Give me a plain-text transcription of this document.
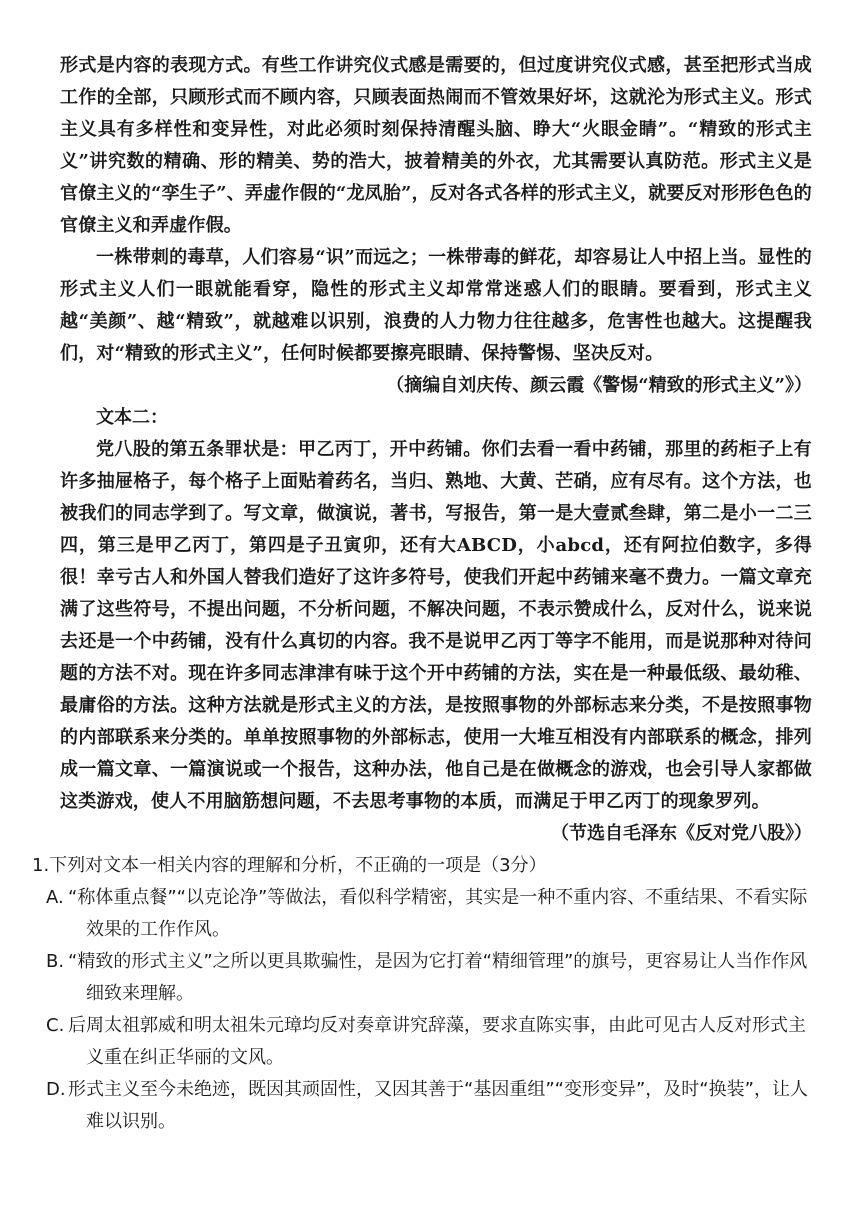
形式是内容的表现方式。有些工作讲究仪式感是需要的，但过度讲究仪式感，甚至把形式当成工作的全部，只顾形式而不顾内容，只顾表面热闹而不管效果好坏，这就沦为形式主义。形式主义具有多样性和变异性，对此必须时刻保持清醒头脑、睁大“火眼金睛”。“精致的形式主义”讲究数的精确、形的精美、势的浩大，披着精美的外衣，尤其需要认真防范。形式主义是官僚主义的“孪生子”、弄虚作假的“龙凤胎”，反对各式各样的形式主义，就要反对形形色色的官僚主义和弄虚作假。

一株带刺的毒草，人们容易“识”而远之；一株带毒的鲜花，却容易让人中招上当。显性的形式主义人们一眼就能看穿，隐性的形式主义却常常迷惑人们的眼睛。要看到，形式主义越“美颜”、越“精致”，就越难以识别，浪费的人力物力往往越多，危害性也越大。这提醒我们，对“精致的形式主义”，任何时候都要擦亮眼睛、保持警惕、坚决反对。

（摘编自刘庆传、颜云霞《警惕“精致的形式主义”》）

文本二：

党八股的第五条罪状是：甲乙丙丁，开中药铺。你们去看一看中药铺，那里的药柜子上有许多抽屉格子，每个格子上面贴着药名，当归、熟地、大黄、芒硝，应有尽有。这个方法，也被我们的同志学到了。写文章，做演说，著书，写报告，第一是大壹贰叁肆，第二是小一二三四，第三是甲乙丙丁，第四是子丑寅卯，还有大ABCD，小abcd，还有阿拉伯数字，多得很！幸亏古人和外国人替我们造好了这许多符号，使我们开起中药铺来毫不费力。一篇文章充满了这些符号，不提出问题，不分析问题，不解决问题，不表示赞成什么，反对什么，说来说去还是一个中药铺，没有什么真切的内容。我不是说甲乙丙丁等字不能用，而是说那种对待问题的方法不对。现在许多同志津津有味于这个开中药铺的方法，实在是一种最低级、最幼稚、最庸俗的方法。这种方法就是形式主义的方法，是按照事物的外部标志来分类，不是按照事物的内部联系来分类的。单单按照事物的外部标志，使用一大堆互相没有内部联系的概念，排列成一篇文章、一篇演说或一个报告，这种办法，他自己是在做概念的游戏，也会引导人家都做这类游戏，使人不用脑筋想问题，不去思考事物的本质，而满足于甲乙丙丁的现象罗列。

（节选自毛泽东《反对党八股》）

1.下列对文本一相关内容的理解和分析，不正确的一项是（3分）

A. “称体重点餐”“以克论净”等做法，看似科学精密，其实是一种不重内容、不重结果、不看实际效果的工作作风。

B. “精致的形式主义”之所以更具欺骗性，是因为它打着“精细管理”的旗号，更容易让人当作作风细致来理解。

C. 后周太祖郭威和明太祖朱元璋均反对奏章讲究辞藻，要求直陈实事，由此可见古人反对形式主义重在纠正华丽的文风。

D. 形式主义至今未绝迹，既因其顽固性，又因其善于“基因重组”“变形变异”，及时“换装”，让人难以识别。
